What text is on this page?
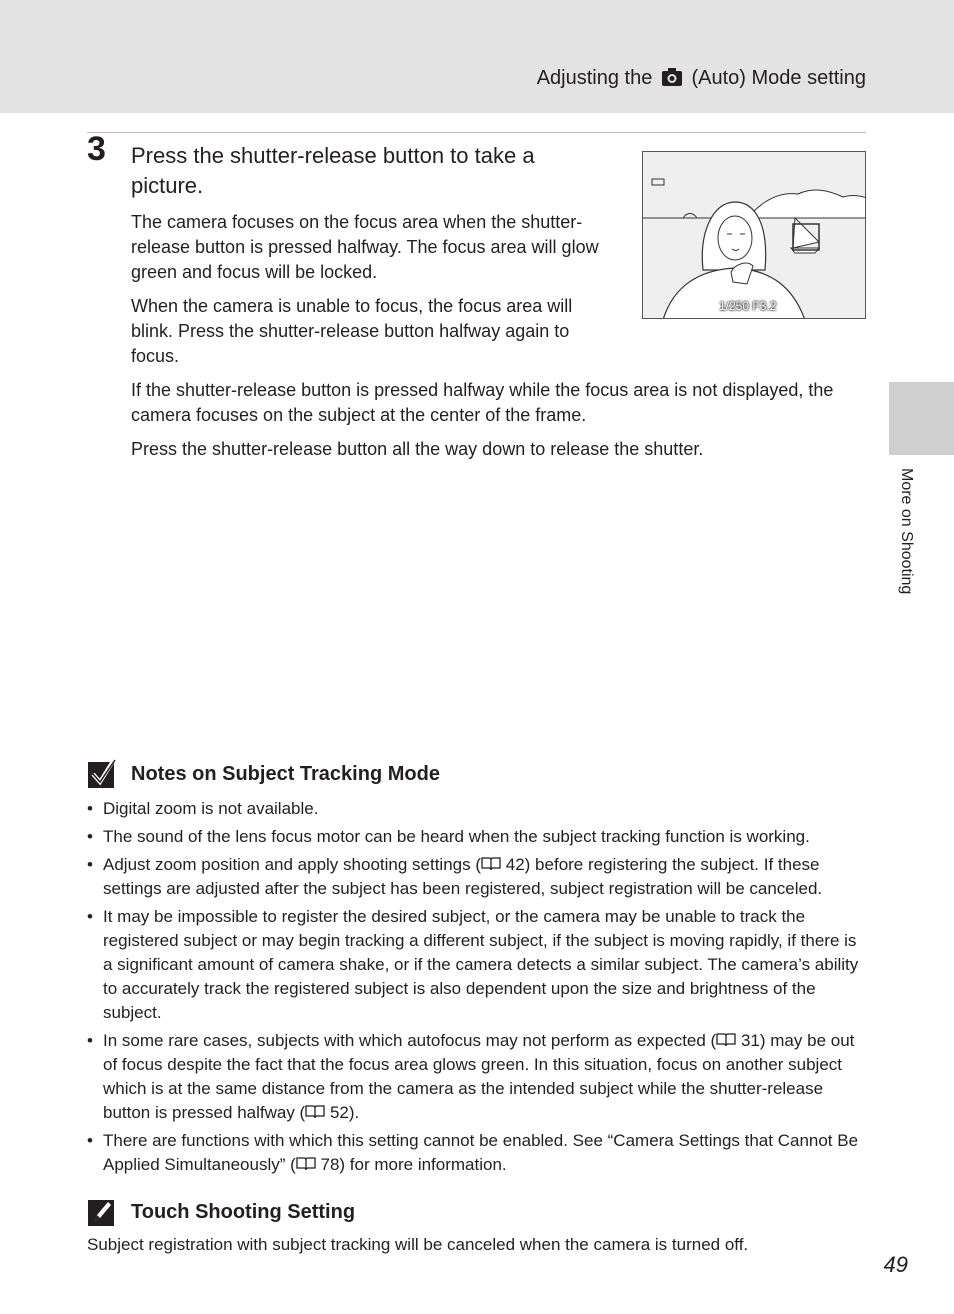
Adjusting the (Auto) Mode setting
More on Shooting
3 Press the shutter-release button to take a picture.
The camera focuses on the focus area when the shutter-release button is pressed halfway. The focus area will glow green and focus will be locked.
When the camera is unable to focus, the focus area will blink. Press the shutter-release button halfway again to focus.
If the shutter-release button is pressed halfway while the focus area is not displayed, the camera focuses on the subject at the center of the frame.
Press the shutter-release button all the way down to release the shutter.
1/250 F3.2
Notes on Subject Tracking Mode
• Digital zoom is not available.
• The sound of the lens focus motor can be heard when the subject tracking function is working.
• Adjust zoom position and apply shooting settings ( 42) before registering the subject. If these settings are adjusted after the subject has been registered, subject registration will be canceled.
• It may be impossible to register the desired subject, or the camera may be unable to track the registered subject or may begin tracking a different subject, if the subject is moving rapidly, if there is a significant amount of camera shake, or if the camera detects a similar subject. The camera’s ability to accurately track the registered subject is also dependent upon the size and brightness of the subject.
• In some rare cases, subjects with which autofocus may not perform as expected ( 31) may be out of focus despite the fact that the focus area glows green. In this situation, focus on another subject which is at the same distance from the camera as the intended subject while the shutter-release button is pressed halfway ( 52).
• There are functions with which this setting cannot be enabled. See “Camera Settings that Cannot Be Applied Simultaneously” ( 78) for more information.
Touch Shooting Setting
Subject registration with subject tracking will be canceled when the camera is turned off.
49
